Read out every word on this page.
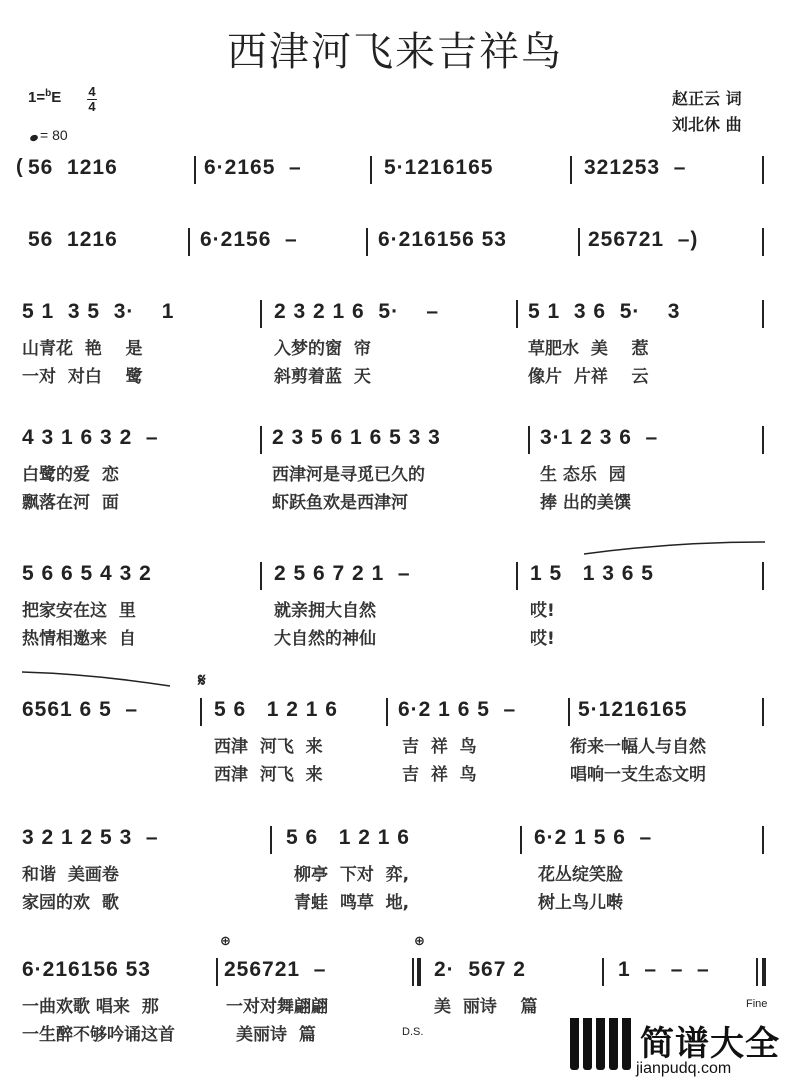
西津河飞来吉祥鸟
1=$^b$E 4
4
= 80
赵正云 词
刘北休 曲
( 56  1216	6·2165  –	5·1216165	321253  –
56  1216	6·2156  –	6·216156 53	256721  –)
5 1  3 5  3·    1	2 3 2 1 6  5·    –	5 1  3 6  5·    3
山青花  艳    是	入梦的窗  帘	草肥水  美    惹
一对  对白    鹭	斜剪着蓝  天	像片  片祥    云
4 3 1 6 3 2  –	2 3 5 6 1 6 5 3 3	3·1 2 3 6  –
白鹭的爱  恋	西津河是寻觅已久的	生 态乐  园
飘落在河  面	虾跃鱼欢是西津河	捧 出的美馔
5 6 6 5 4 3 2	2 5 6 7 2 1  –	1 5   1 3 6 5
把家安在这  里	就亲拥大自然	哎!
热情相邀来  自	大自然的神仙	哎!
𝄋
6561 6 5  –	5 6   1 2 1 6	6·2 1 6 5  –	5·1216165
西津  河飞  来	吉  祥  鸟	衔来一幅人与自然
西津  河飞  来	吉  祥  鸟	唱响一支生态文明
3 2 1 2 5 3  –	5 6   1 2 1 6	6·2 1 5 6  –
和谐  美画卷	柳亭  下对  弈,	花丛绽笑脸
家园的欢  歌	青蛙  鸣草  地,	树上鸟儿啭
⊕	⊕
6·216156 53	256721  –	2·  567 2	1  –  –  –
Fine
一曲欢歌 唱来  那	一对对舞翩翩	美  丽诗    篇
一生醉不够吟诵这首	美丽诗  篇	D.S.	简谱大全
jianpudq.com
